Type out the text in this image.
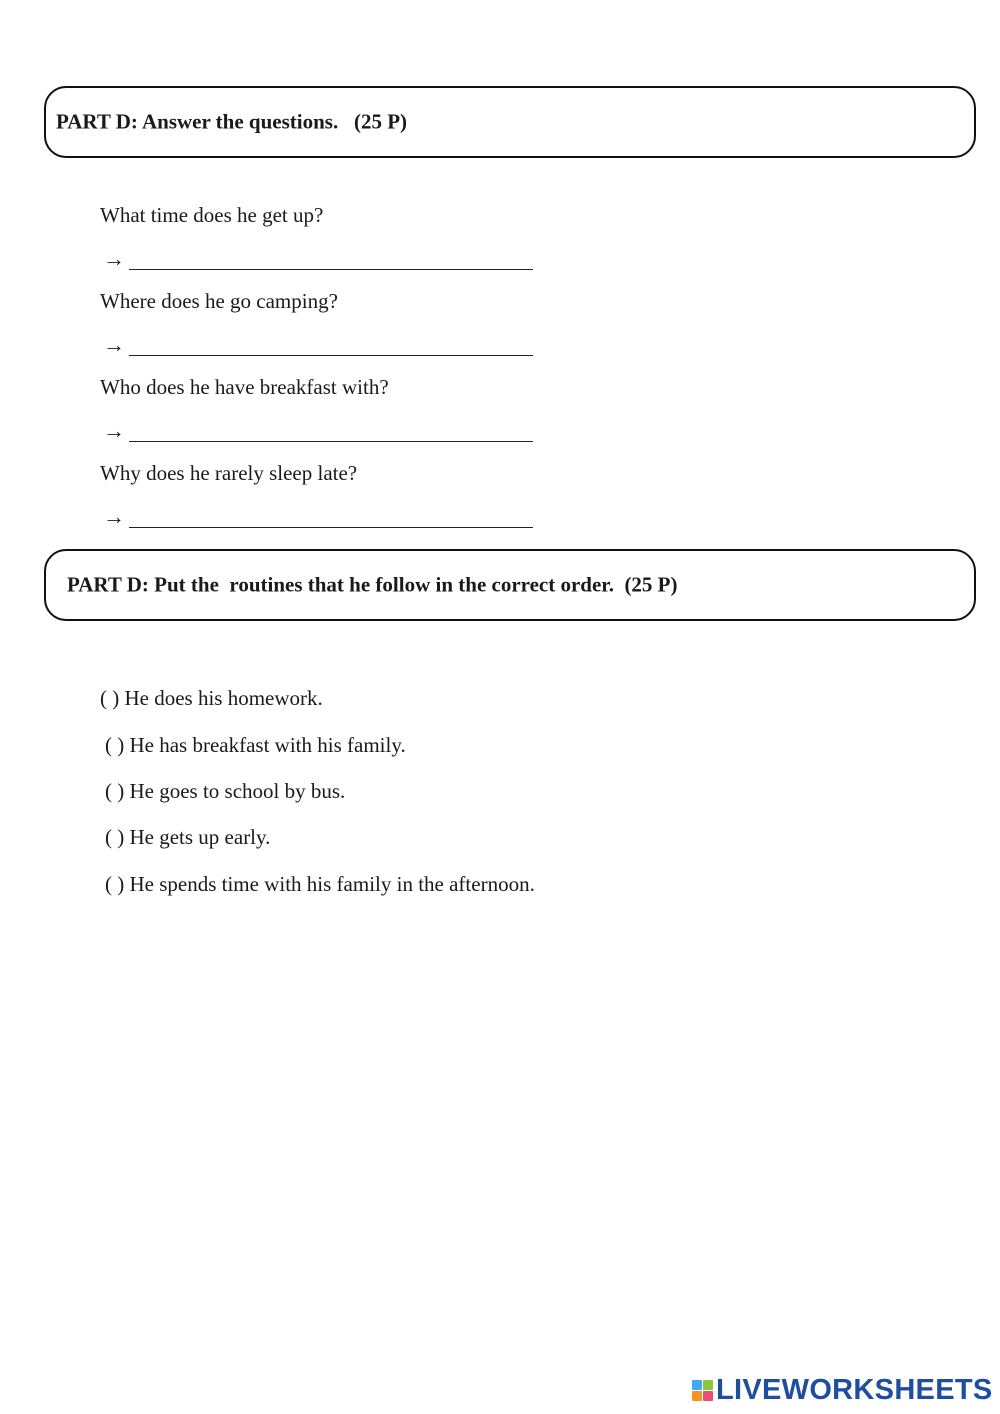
PART D: Answer the questions.   (25 P)
What time does he get up?
→
Where does he go camping?
→
Who does he have breakfast with?
→
Why does he rarely sleep late?
→
PART D: Put the  routines that he follow in the correct order.  (25 P)
( ) He does his homework.
( ) He has breakfast with his family.
( ) He goes to school by bus.
( ) He gets up early.
( ) He spends time with his family in the afternoon.
LIVEWORKSHEETS
